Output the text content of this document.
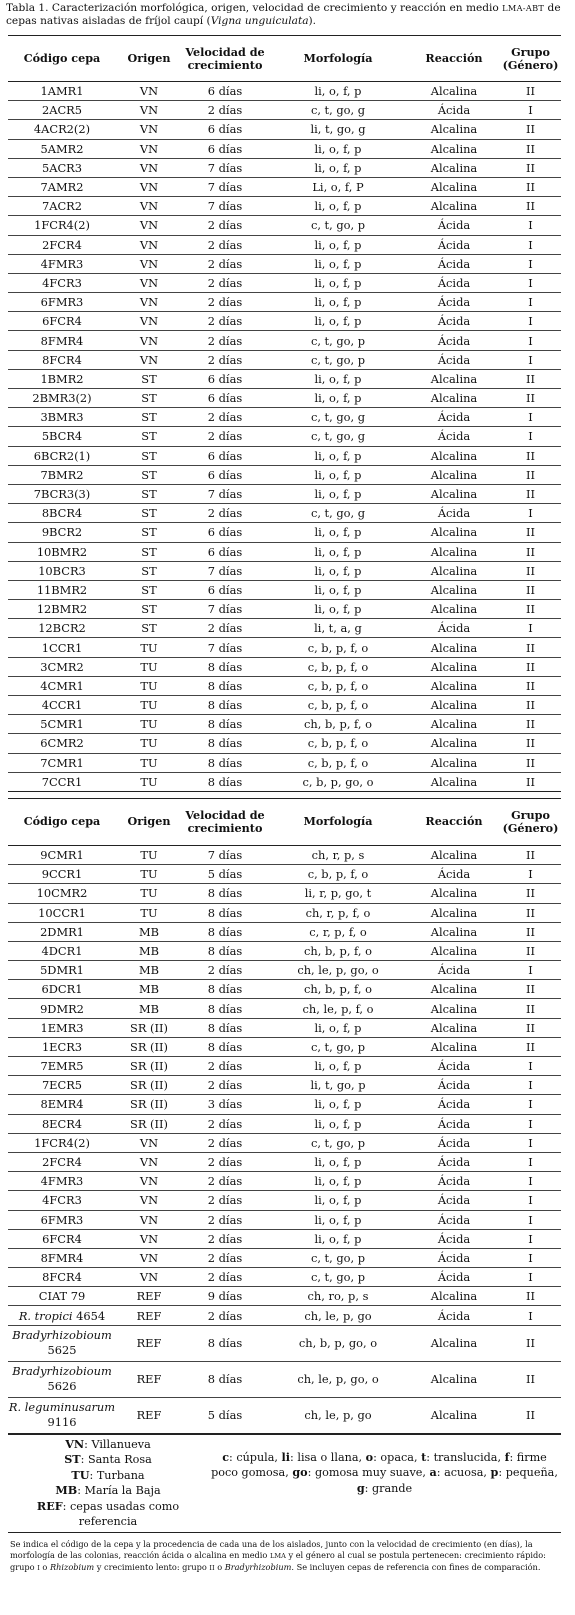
Tabla 1. Caracterización morfológica, origen, velocidad de crecimiento y reacción en medio LMA-ABT de cepas nativas aisladas de fríjol caupí (Vigna unguiculata).
Código cepa	Origen	Velocidad de crecimiento	Morfología	Reacción	Grupo (Género)
1AMR1	VN	6 días	li, o, f, p	Alcalina	II
2ACR5	VN	2 días	c, t, go, g	Ácida	I
4ACR2(2)	VN	6 días	li, t, go, g	Alcalina	II
5AMR2	VN	6 días	li, o, f, p	Alcalina	II
5ACR3	VN	7 días	li, o, f, p	Alcalina	II
7AMR2	VN	7 días	Li, o, f, P	Alcalina	II
7ACR2	VN	7 días	li, o, f, p	Alcalina	II
1FCR4(2)	VN	2 días	c, t, go, p	Ácida	I
2FCR4	VN	2 días	li, o, f, p	Ácida	I
4FMR3	VN	2 días	li, o, f, p	Ácida	I
4FCR3	VN	2 días	li, o, f, p	Ácida	I
6FMR3	VN	2 días	li, o, f, p	Ácida	I
6FCR4	VN	2 días	li, o, f, p	Ácida	I
8FMR4	VN	2 días	c, t, go, p	Ácida	I
8FCR4	VN	2 días	c, t, go, p	Ácida	I
1BMR2	ST	6 días	li, o, f, p	Alcalina	II
2BMR3(2)	ST	6 días	li, o, f, p	Alcalina	II
3BMR3	ST	2 días	c, t, go, g	Ácida	I
5BCR4	ST	2 días	c, t, go, g	Ácida	I
6BCR2(1)	ST	6 días	li, o, f, p	Alcalina	II
7BMR2	ST	6 días	li, o, f, p	Alcalina	II
7BCR3(3)	ST	7 días	li, o, f, p	Alcalina	II
8BCR4	ST	2 días	c, t, go, g	Ácida	I
9BCR2	ST	6 días	li, o, f, p	Alcalina	II
10BMR2	ST	6 días	li, o, f, p	Alcalina	II
10BCR3	ST	7 días	li, o, f, p	Alcalina	II
11BMR2	ST	6 días	li, o, f, p	Alcalina	II
12BMR2	ST	7 días	li, o, f, p	Alcalina	II
12BCR2	ST	2 días	li, t, a, g	Ácida	I
1CCR1	TU	7 días	c, b, p, f, o	Alcalina	II
3CMR2	TU	8 días	c, b, p, f, o	Alcalina	II
4CMR1	TU	8 días	c, b, p, f, o	Alcalina	II
4CCR1	TU	8 días	c, b, p, f, o	Alcalina	II
5CMR1	TU	8 días	ch, b, p, f, o	Alcalina	II
6CMR2	TU	8 días	c, b, p, f, o	Alcalina	II
7CMR1	TU	8 días	c, b, p, f, o	Alcalina	II
7CCR1	TU	8 días	c, b, p, go, o	Alcalina	II
Código cepa	Origen	Velocidad de crecimiento	Morfología	Reacción	Grupo (Género)
9CMR1	TU	7 días	ch, r, p, s	Alcalina	II
9CCR1	TU	5 días	c, b, p, f, o	Ácida	I
10CMR2	TU	8 días	li, r, p, go, t	Alcalina	II
10CCR1	TU	8 días	ch, r, p, f, o	Alcalina	II
2DMR1	MB	8 días	c, r, p, f, o	Alcalina	II
4DCR1	MB	8 días	ch, b, p, f, o	Alcalina	II
5DMR1	MB	2 días	ch, le, p, go, o	Ácida	I
6DCR1	MB	8 días	ch, b, p, f, o	Alcalina	II
9DMR2	MB	8 días	ch, le, p, f, o	Alcalina	II
1EMR3	SR (II)	8 días	li, o, f, p	Alcalina	II
1ECR3	SR (II)	8 días	c, t, go, p	Alcalina	II
7EMR5	SR (II)	2 días	li, o, f, p	Ácida	I
7ECR5	SR (II)	2 días	li, t, go, p	Ácida	I
8EMR4	SR (II)	3 días	li, o, f, p	Ácida	I
8ECR4	SR (II)	2 días	li, o, f, p	Ácida	I
1FCR4(2)	VN	2 días	c, t, go, p	Ácida	I
2FCR4	VN	2 días	li, o, f, p	Ácida	I
4FMR3	VN	2 días	li, o, f, p	Ácida	I
4FCR3	VN	2 días	li, o, f, p	Ácida	I
6FMR3	VN	2 días	li, o, f, p	Ácida	I
6FCR4	VN	2 días	li, o, f, p	Ácida	I
8FMR4	VN	2 días	c, t, go, p	Ácida	I
8FCR4	VN	2 días	c, t, go, p	Ácida	I
CIAT 79	REF	9 días	ch, ro, p, s	Alcalina	II
R. tropici 4654	REF	2 días	ch, le, p, go	Ácida	I
Bradyrhizobioum
5625	REF	8 días	ch, b, p, go, o	Alcalina	II
Bradyrhizobioum
5626	REF	8 días	ch, le, p, go, o	Alcalina	II
R. leguminusarum
9116	REF	5 días	ch, le, p, go	Alcalina	II
VN: Villanueva
ST: Santa Rosa
TU: Turbana
MB: María la Baja
REF: cepas usadas como referencia
c: cúpula, li: lisa o llana, o: opaca, t: translucida, f: firme poco gomosa, go: gomosa muy suave, a: acuosa, p: pequeña, g: grande
Se indica el código de la cepa y la procedencia de cada una de los aislados, junto con la velocidad de crecimiento (en días), la morfología de las colonias, reacción ácida o alcalina en medio LMA y el género al cual se postula pertenecen: crecimiento rápido: grupo I o Rhizobium y crecimiento lento: grupo II o Bradyrhizobium. Se incluyen cepas de referencia con fines de comparación.
